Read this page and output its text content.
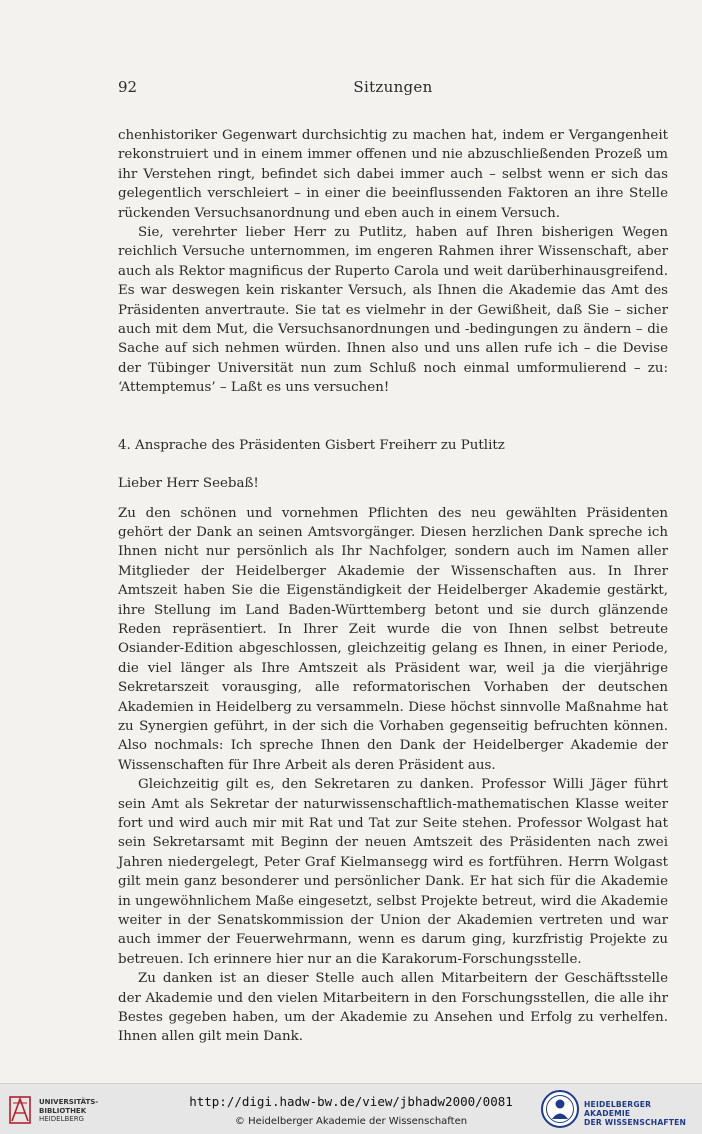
92	Sitzungen

chenhistoriker Gegenwart durchsichtig zu machen hat, indem er Vergangenheit rekonstruiert und in einem immer offenen und nie abzuschließenden Prozeß um ihr Verstehen ringt, befindet sich dabei immer auch – selbst wenn er sich das gelegentlich verschleiert – in einer die beeinflussenden Faktoren an ihre Stelle rückenden Versuchsanordnung und eben auch in einem Versuch.

Sie, verehrter lieber Herr zu Putlitz, haben auf Ihren bisherigen Wegen reichlich Versuche unternommen, im engeren Rahmen ihrer Wissenschaft, aber auch als Rektor magnificus der Ruperto Carola und weit darüberhinausgreifend. Es war deswegen kein riskanter Versuch, als Ihnen die Akademie das Amt des Präsidenten anvertraute. Sie tat es vielmehr in der Gewißheit, daß Sie – sicher auch mit dem Mut, die Versuchsanordnungen und -bedingungen zu ändern – die Sache auf sich nehmen würden. Ihnen also und uns allen rufe ich – die Devise der Tübinger Universität nun zum Schluß noch einmal umformulierend – zu: ‘Attemptemus’ – Laßt es uns versuchen!

4. Ansprache des Präsidenten Gisbert Freiherr zu Putlitz

Lieber Herr Seebaß!

Zu den schönen und vornehmen Pflichten des neu gewählten Präsidenten gehört der Dank an seinen Amtsvorgänger. Diesen herzlichen Dank spreche ich Ihnen nicht nur persönlich als Ihr Nachfolger, sondern auch im Namen aller Mitglieder der Heidelberger Akademie der Wissenschaften aus. In Ihrer Amtszeit haben Sie die Eigenständigkeit der Heidelberger Akademie gestärkt, ihre Stellung im Land Baden-Württemberg betont und sie durch glänzende Reden repräsentiert. In Ihrer Zeit wurde die von Ihnen selbst betreute Osiander-Edition abgeschlossen, gleichzeitig gelang es Ihnen, in einer Periode, die viel länger als Ihre Amtszeit als Präsident war, weil ja die vierjährige Sekretarszeit vorausging, alle reformatorischen Vorhaben der deutschen Akademien in Heidelberg zu versammeln. Diese höchst sinnvolle Maßnahme hat zu Synergien geführt, in der sich die Vorhaben gegenseitig befruchten können. Also nochmals: Ich spreche Ihnen den Dank der Heidelberger Akademie der Wissenschaften für Ihre Arbeit als deren Präsident aus.

Gleichzeitig gilt es, den Sekretaren zu danken. Professor Willi Jäger führt sein Amt als Sekretar der naturwissenschaftlich-mathematischen Klasse weiter fort und wird auch mir mit Rat und Tat zur Seite stehen. Professor Wolgast hat sein Sekretarsamt mit Beginn der neuen Amtszeit des Präsidenten nach zwei Jahren niedergelegt, Peter Graf Kielmansegg wird es fortführen. Herrn Wolgast gilt mein ganz besonderer und persönlicher Dank. Er hat sich für die Akademie in ungewöhnlichem Maße eingesetzt, selbst Projekte betreut, wird die Akademie weiter in der Senatskommission der Union der Akademien vertreten und war auch immer der Feuerwehrmann, wenn es darum ging, kurzfristig Projekte zu betreuen. Ich erinnere hier nur an die Karakorum-Forschungsstelle.

Zu danken ist an dieser Stelle auch allen Mitarbeitern der Geschäftsstelle der Akademie und den vielen Mitarbeitern in den Forschungsstellen, die alle ihr Bestes gegeben haben, um der Akademie zu Ansehen und Erfolg zu verhelfen. Ihnen allen gilt mein Dank.

UNIVERSITÄTS-
BIBLIOTHEK
HEIDELBERG
http://digi.hadw-bw.de/view/jbhadw2000/0081
© Heidelberger Akademie der Wissenschaften
HEIDELBERGER AKADEMIE
DER WISSENSCHAFTEN
